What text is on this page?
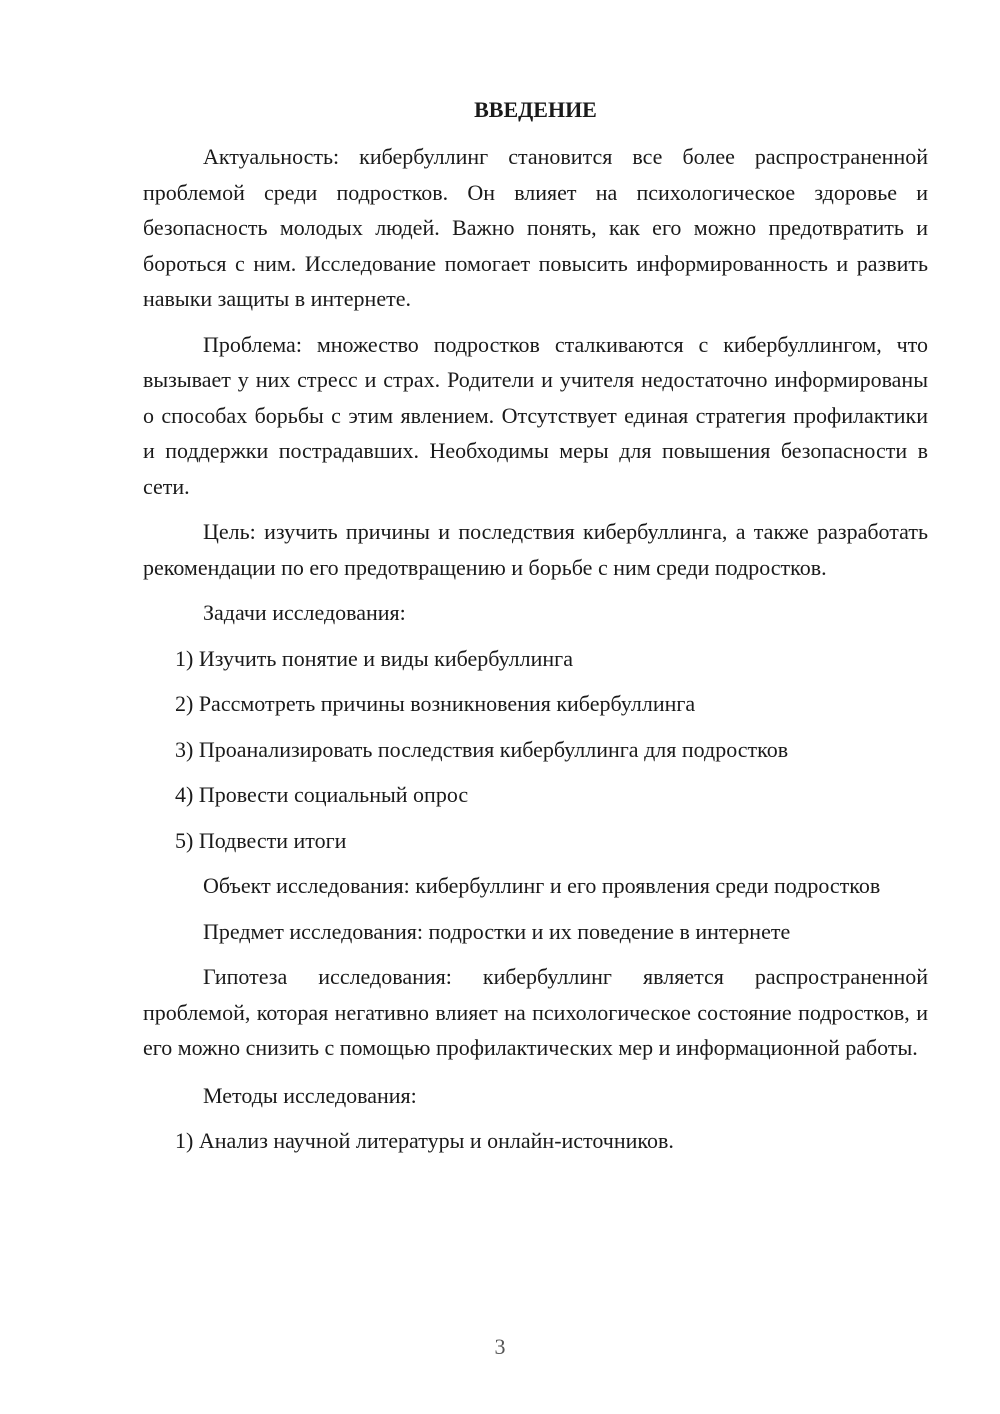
ВВЕДЕНИЕ

Актуальность: кибербуллинг становится все более распространенной проблемой среди подростков. Он влияет на психологическое здоровье и безопасность молодых людей. Важно понять, как его можно предотвратить и бороться с ним. Исследование помогает повысить информированность и развить навыки защиты в интернете.

Проблема: множество подростков сталкиваются с кибербуллингом, что вызывает у них стресс и страх. Родители и учителя недостаточно информированы о способах борьбы с этим явлением. Отсутствует единая стратегия профилактики и поддержки пострадавших. Необходимы меры для повышения безопасности в сети.

Цель: изучить причины и последствия кибербуллинга, а также разработать рекомендации по его предотвращению и борьбе с ним среди подростков.

Задачи исследования:

1) Изучить понятие и виды кибербуллинга

2) Рассмотреть причины возникновения кибербуллинга

3) Проанализировать последствия кибербуллинга для подростков

4) Провести социальный опрос

5) Подвести итоги

Объект исследования: кибербуллинг и его проявления среди подростков

Предмет исследования: подростки и их поведение в интернете

Гипотеза исследования: кибербуллинг является распространенной проблемой, которая негативно влияет на психологическое состояние подростков, и его можно снизить с помощью профилактических мер и информационной работы.

Методы исследования:

1) Анализ научной литературы и онлайн-источников.

3
